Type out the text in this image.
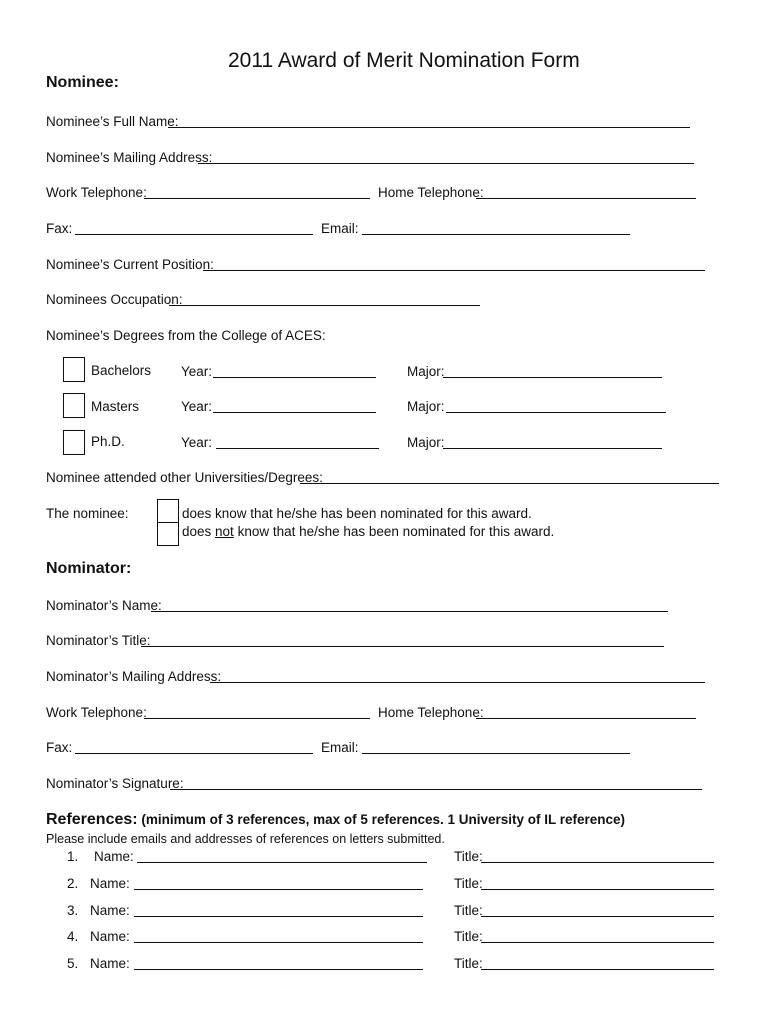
2011 Award of Merit Nomination Form
Nominee:
Nominee’s Full Name:
Nominee’s Mailing Address:
Work Telephone:	Home Telephone:
Fax:	Email:
Nominee’s Current Position:
Nominees Occupation:
Nominee’s Degrees from the College of ACES:
Bachelors Year:	Major:
Masters	Year:	Major:
Ph.D.	Year:	Major:
Nominee attended other Universities/Degrees:
The nominee:	does know that he/she has been nominated for this award.
does not know that he/she has been nominated for this award.
Nominator:
Nominator’s Name:
Nominator’s Title:
Nominator’s Mailing Address:
Work Telephone:	Home Telephone:
Fax:	Email:
Nominator’s Signature:
References: (minimum of 3 references, max of 5 references. 1 University of IL reference)
Please include emails and addresses of references on letters submitted.
1. Name:	Title:
2. Name:	Title:
3. Name:	Title:
4. Name:	Title:
5. Name:	Title:
